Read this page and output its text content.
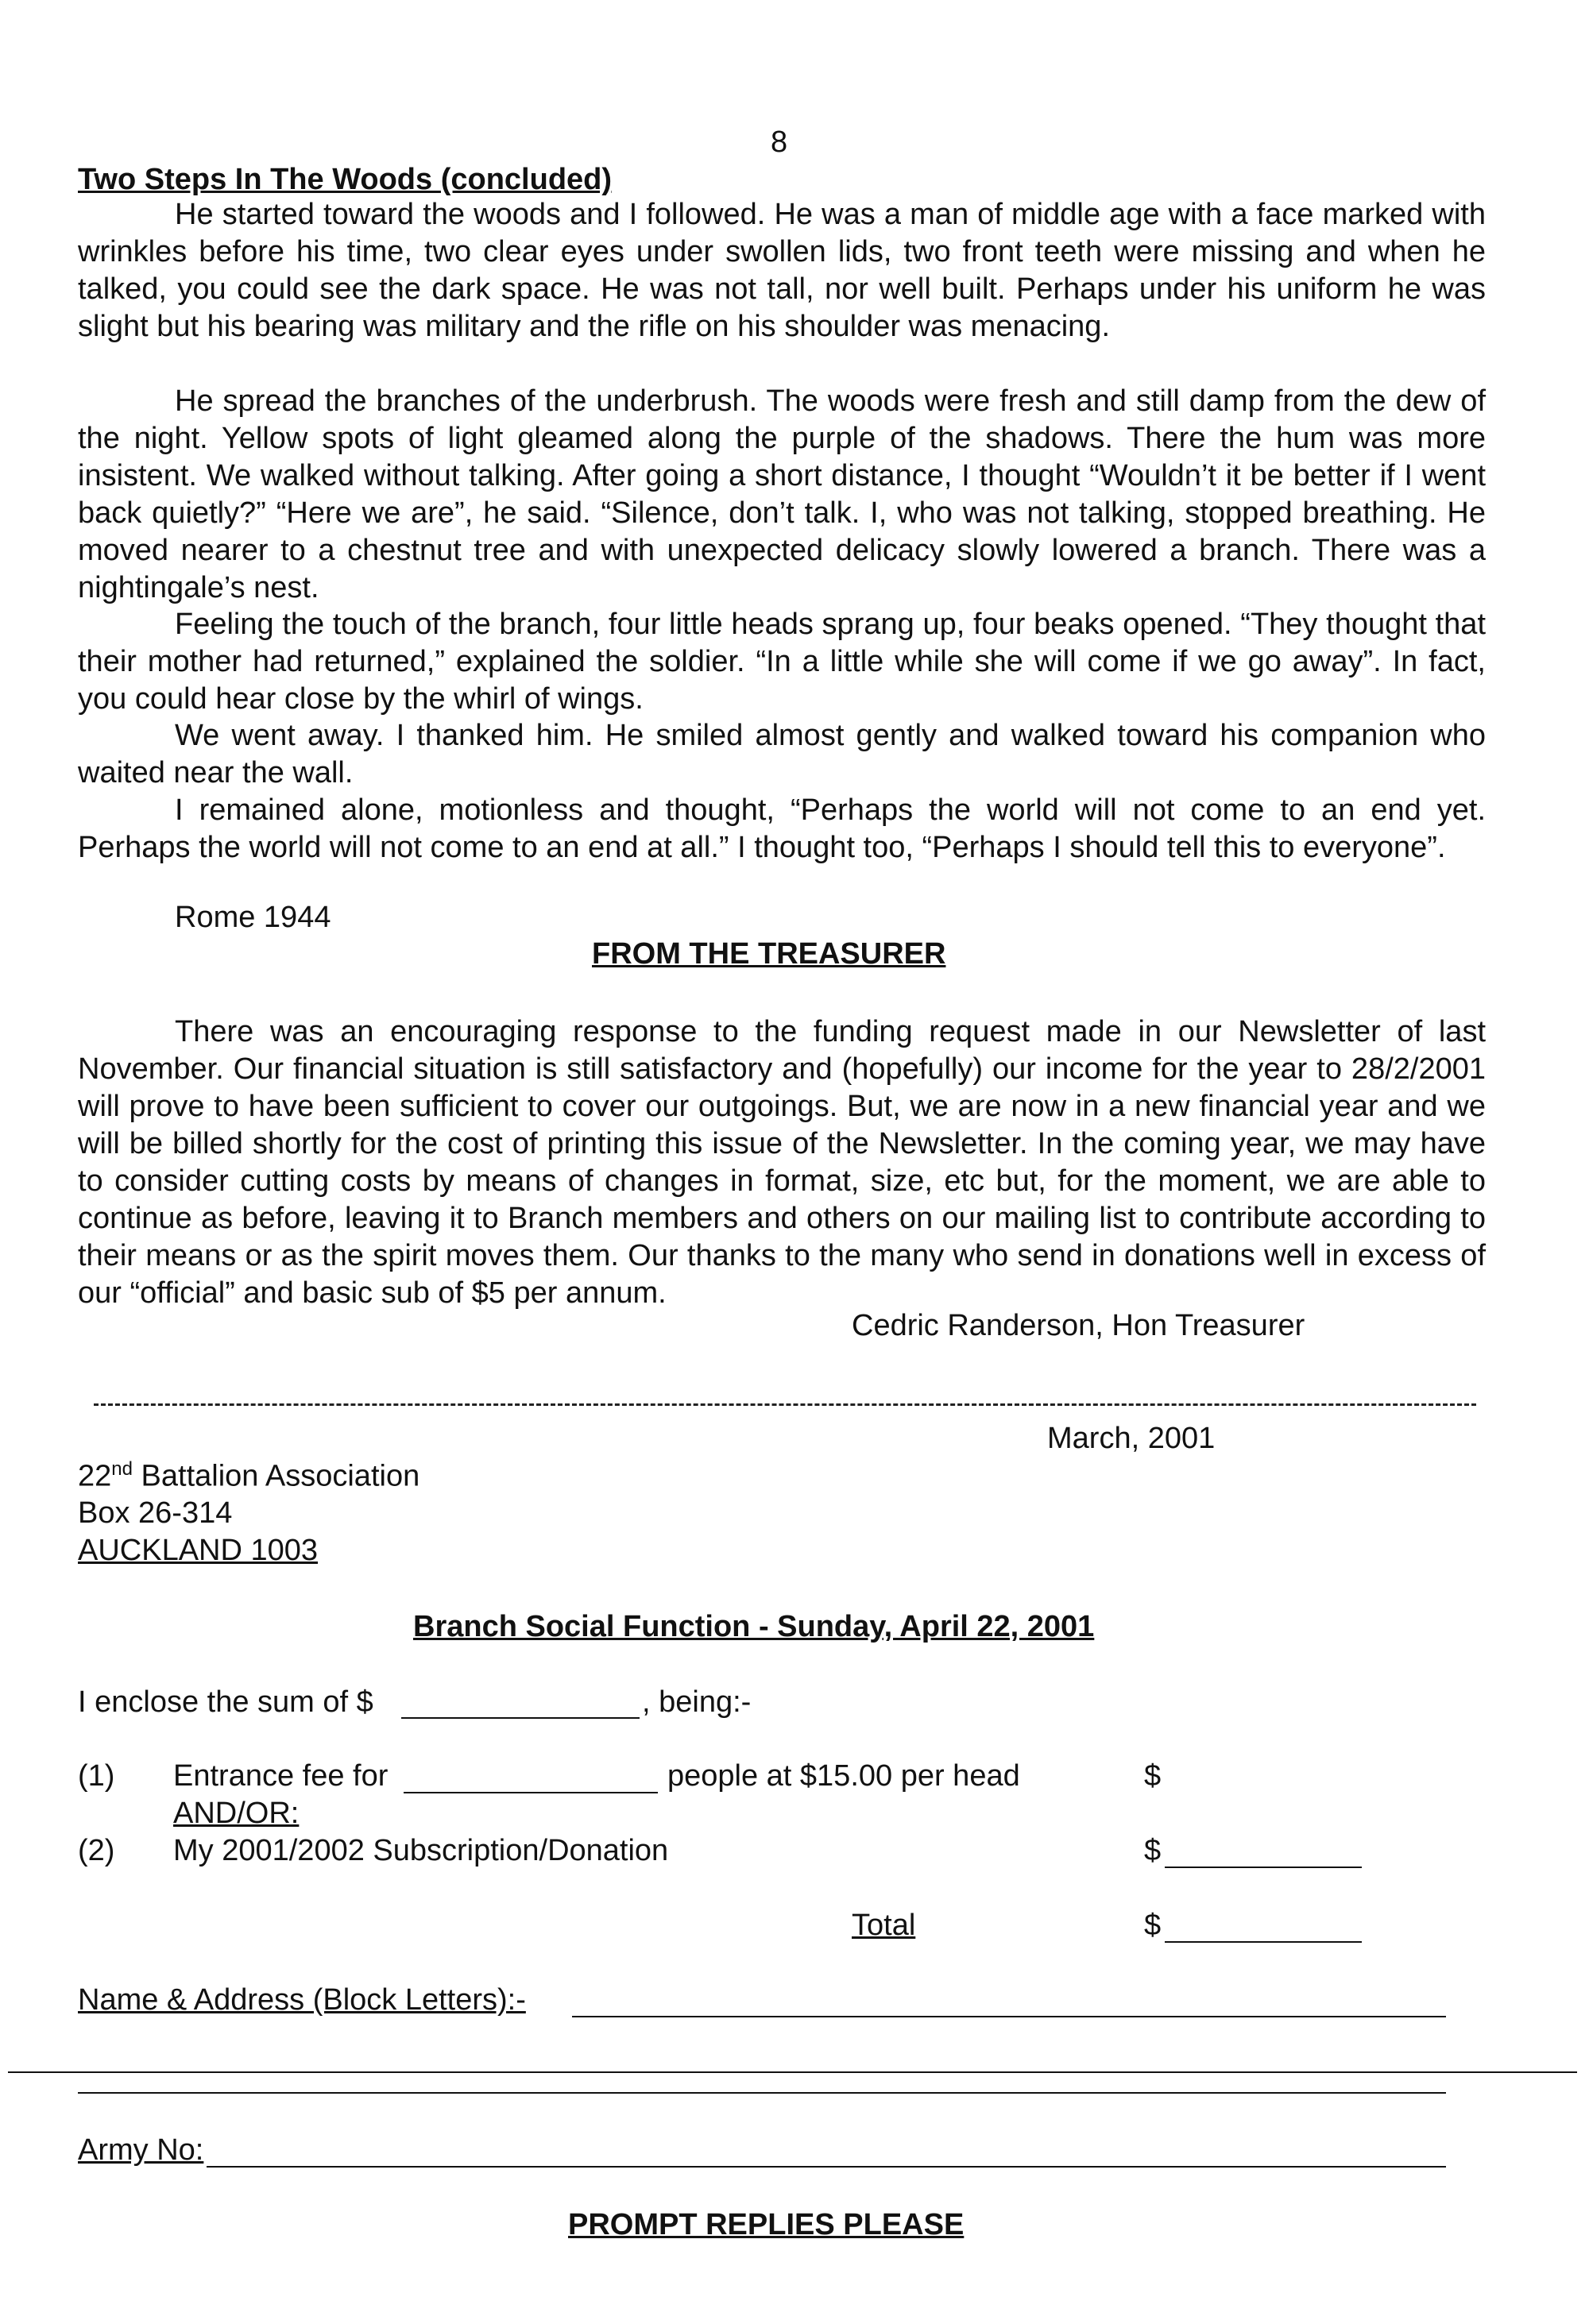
8
Two Steps In The Woods (concluded)

He started toward the woods and I followed. He was a man of middle age with a face marked with wrinkles before his time, two clear eyes under swollen lids, two front teeth were missing and when he talked, you could see the dark space. He was not tall, nor well built. Perhaps under his uniform he was slight but his bearing was military and the rifle on his shoulder was menacing.

He spread the branches of the underbrush. The woods were fresh and still damp from the dew of the night. Yellow spots of light gleamed along the purple of the shadows. There the hum was more insistent. We walked without talking. After going a short distance, I thought “Wouldn’t it be better if I went back quietly?” “Here we are”, he said. “Silence, don’t talk. I, who was not talking, stopped breathing. He moved nearer to a chestnut tree and with unexpected delicacy slowly lowered a branch. There was a nightingale’s nest.

Feeling the touch of the branch, four little heads sprang up, four beaks opened. “They thought that their mother had returned,” explained the soldier. “In a little while she will come if we go away”. In fact, you could hear close by the whirl of wings.

We went away. I thanked him. He smiled almost gently and walked toward his companion who waited near the wall.

I remained alone, motionless and thought, “Perhaps the world will not come to an end yet. Perhaps the world will not come to an end at all.” I thought too, “Perhaps I should tell this to everyone”.

Rome 1944
FROM THE TREASURER

There was an encouraging response to the funding request made in our Newsletter of last November. Our financial situation is still satisfactory and (hopefully) our income for the year to 28/2/2001 will prove to have been sufficient to cover our outgoings. But, we are now in a new financial year and we will be billed shortly for the cost of printing this issue of the Newsletter. In the coming year, we may have to consider cutting costs by means of changes in format, size, etc but, for the moment, we are able to continue as before, leaving it to Branch members and others on our mailing list to contribute according to their means or as the spirit moves them. Our thanks to the many who send in donations well in excess of our “official” and basic sub of $5 per annum.

Cedric Randerson, Hon Treasurer
March, 2001
22nd Battalion Association
Box 26-314
AUCKLAND 1003
Branch Social Function - Sunday, April 22, 2001
I enclose the sum of $	, being:-
(1) Entrance fee for	people at $15.00 per head	$
AND/OR:
(2) My 2001/2002 Subscription/Donation	$
Total	$
Name & Address (Block Letters):-
Army No:
PROMPT REPLIES PLEASE
